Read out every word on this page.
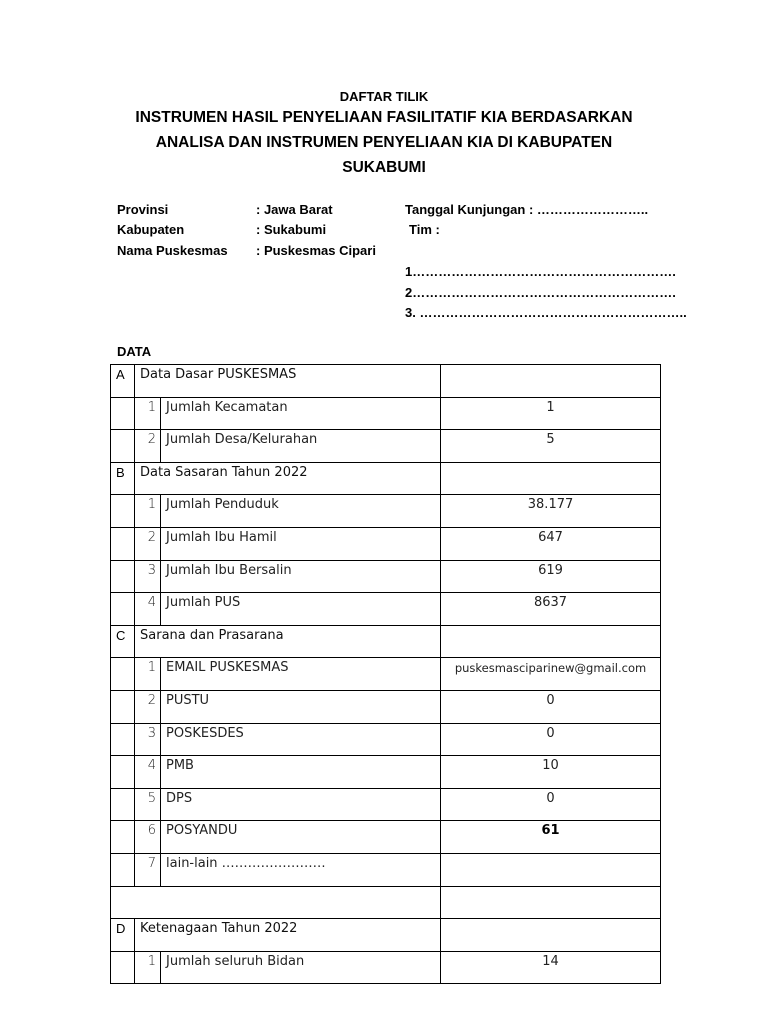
DAFTAR TILIK
INSTRUMEN HASIL PENYELIAAN FASILITATIF KIA BERDASARKAN
ANALISA DAN INSTRUMEN PENYELIAAN KIA DI KABUPATEN
SUKABUMI
Provinsi	: Jawa Barat
Kabupaten	: Sukabumi
Nama Puskesmas : Puskesmas Cipari
Tanggal Kunjungan : ……………………..
Tim :
1…………………………………………………….
2…………………………………………………….
3. ……………………………………………………..
DATA
A	Data Dasar PUSKESMAS		
	1	Jumlah Kecamatan	1
	2	Jumlah Desa/Kelurahan	5
B	Data Sasaran Tahun 2022		
	1	Jumlah Penduduk	38.177
	2	Jumlah Ibu Hamil	647
	3	Jumlah Ibu Bersalin	619
	4	Jumlah PUS	8637
C	Sarana dan Prasarana		
	1	EMAIL PUSKESMAS	puskesmasciparinew@gmail.com
	2	PUSTU	0
	3	POSKESDES	0
	4	PMB	10
	5	DPS	0
	6	POSYANDU	61
	7	lain-lain ……………………	

D	Ketenagaan Tahun 2022		
	1	Jumlah seluruh Bidan	14
